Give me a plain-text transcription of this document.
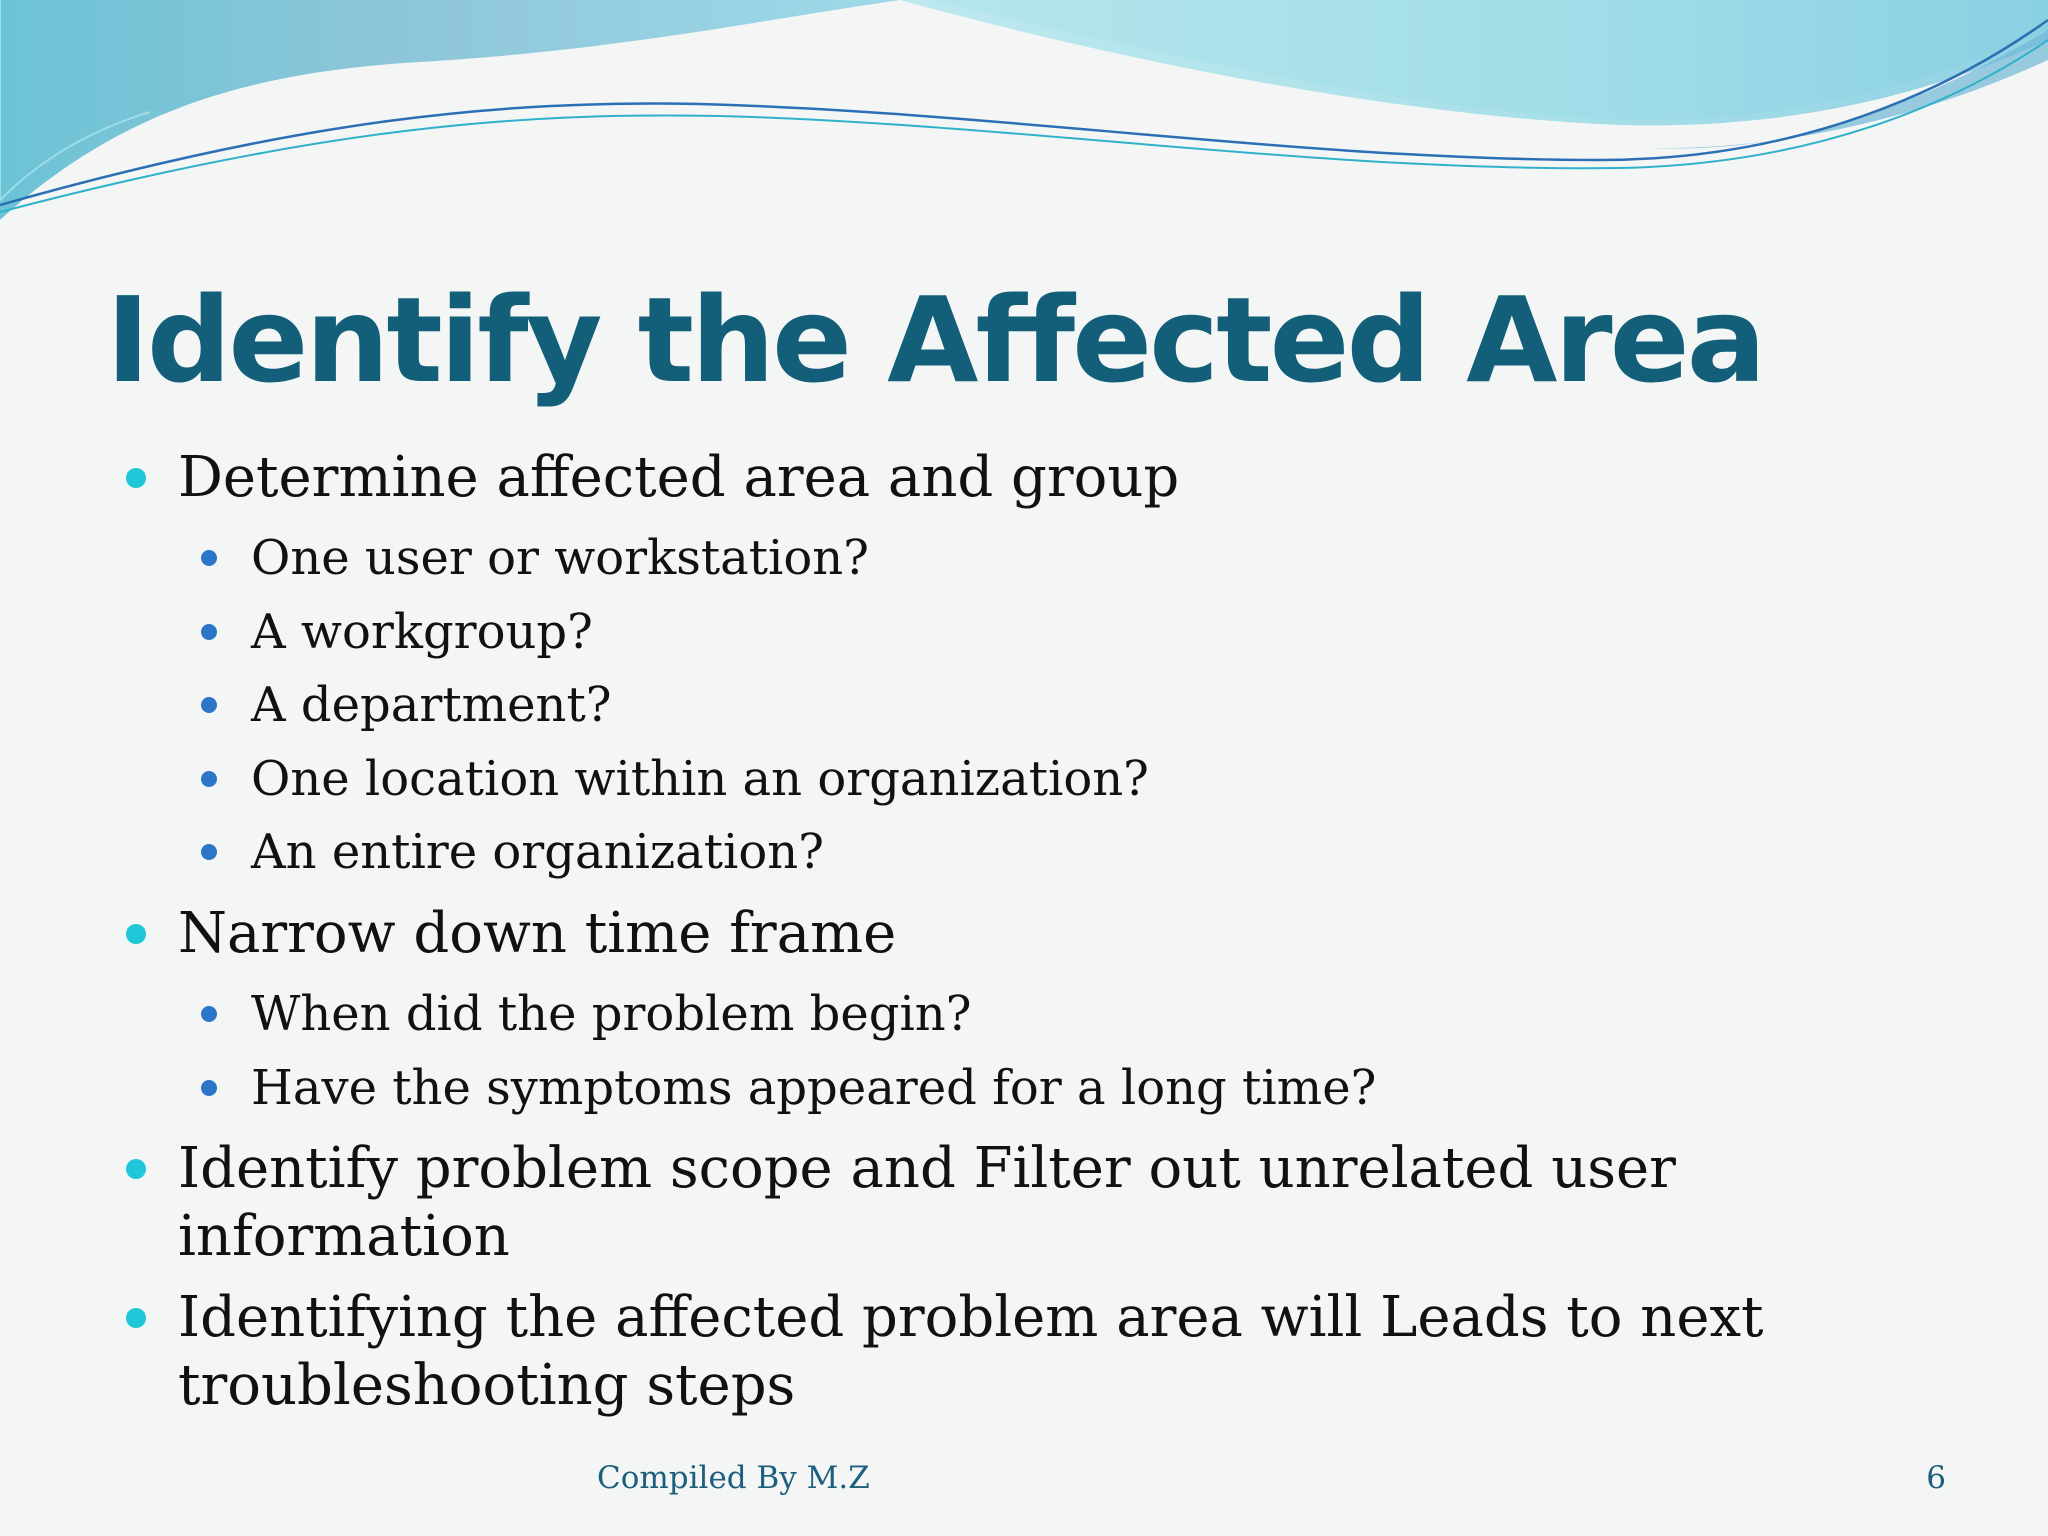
Identify the Affected Area
Determine affected area and group
One user or workstation?
A workgroup?
A department?
One location within an organization?
An entire organization?
Narrow down time frame
When did the problem begin?
Have the symptoms appeared for a long time?
Identify problem scope and Filter out unrelated user information
Identifying the affected problem area will Leads to next troubleshooting steps
Compiled By M.Z	6
